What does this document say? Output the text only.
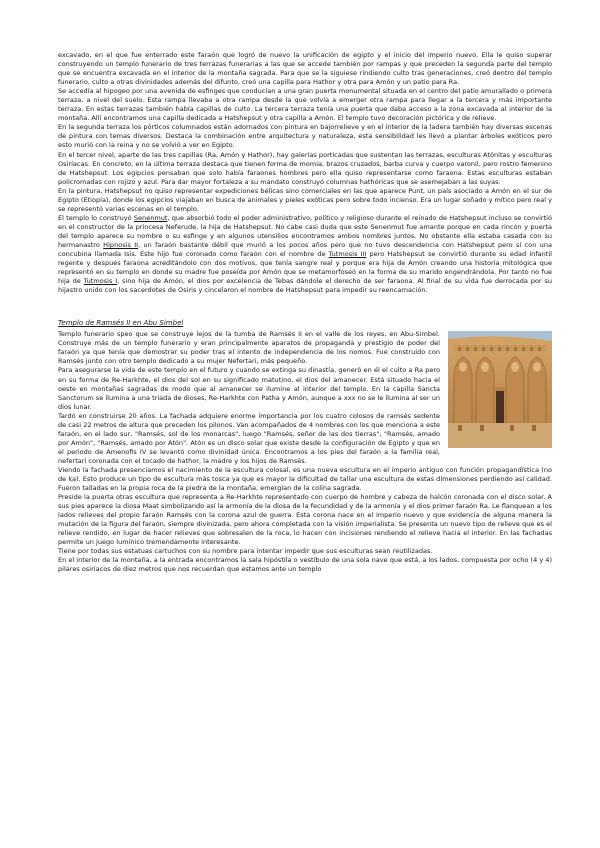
excavado, en el que fue enterrado este faraón que logró de nuevo la unificación de egipto y el inicio del imperio nuevo. Ella le quiso superar construyendo un templo funerario de tres terrazas funerarias a las que se accede también por rampas y que preceden la segunda parte del templo que se encuentra excavada en el interior de la montaña sagrada. Para que se la siguiese rindiendo culto tras generaciones, creó dentro del templo funerario, culto a otras divinidades además del difunto, creó una capilla para Hathor y otra para Amón y un patio para Ra.

Se accedía al hipogeo por una avenida de esfinges que conducían a una gran puerta monumental situada en el centro del patio amurallado o primera terraza, a nivel del suelo. Esta rampa llevaba a otra rampa desde la que volvía a emerger otra rampa para llegar a la tercera y más importante terraza. En estas terrazas también había capillas de culto. La tercera terraza tenía una puerta que daba acceso a la zona excavada al interior de la montaña. Allí encontramos una capilla dedicada a Hatshepsut y otra capilla a Amón. El templo tuvo decoración pictórica y de relieve.

En la segunda terraza los pórticos columnados están adornados con pintura en bajorrelieve y en el interior de la ladera también hay diversas escenas de pintura con temas diversos. Destaca la combinación entre arquitectura y naturaleza, esta sensibilidad les llevó a plantar árboles exóticos pero esto murió con la reina y no se volvió a ver en Egipto.

En el tercer nivel, aparte de las tres capillas (Ra, Amón y Hathor), hay galerías porticadas que sustentan las terrazas, esculturas Atónitas y esculturas Osiríacas. En concreto, en la última terraza destaca que tienen forma de momia, brazos cruzados, barba curva y cuerpo varonil, pero rostro femenino de Hatshepsut. Los egipcios pensaban que solo había faraones hombres pero ella quiso representarse como faraona. Estas esculturas estaban policromadas con rojizo y azul. Para dar mayor fortaleza a su mandato construyó columnas hathóricas que se asemejaban a las suyas.

En la pintura, Hatshepsut no quiso representar expediciones bélicas sino comerciales en las que aparece Punt, un país asociado a Amón en el sur de Egipto (Etiopía), donde los egipcios viajaban en busca de animales y pieles exóticas pero sobre todo incienso. Era un lugar soñado y mítico pero real y se representó varias escenas en el templo.

El templo lo construyó Senenmut, que absorbió todo el poder administrativo, político y religioso durante el reinado de Hatshepsut incluso se convirtió en el constructor de la princesa Neferude, la hija de Hatshepsut. No cabe casi duda que este Senenmut fue amante porque en cada rincón y puerta del templo aparece su nombre o su esfinge y en algunos utensilios encontramos ambos nombres juntos. No obstante ella estaba casada con su hermanastro Hipnosis II, un faraón bastante débil que murió a los pocos años pero que no tuvo descendencia con Hatshepsut pero sí con una concubina llamada Isis. Este hijo fue coronado como faraón con el nombre de Tutmosis III pero Hatshepsut se convirtió durante su edad infantil regente y después faraona acreditándolo con dos motivos, que tenía sangre real y porque era hija de Amón creando una historia mitológica que representó en su templo en donde su madre fue poseída por Amón que se metamorfoseó en la forma de su marido engendrándola. Por tanto no fue hija de Tutmosis I, sino hija de Amón, el dios por excelencia de Tebas dándole el derecho de ser faraona. Al final de su vida fue derrocada por su hijastro unido con los sacerdotes de Osiris y cincelaron el nombre de Hatshepsut para impedir su reencarnación.

Templo de Ramsés II en Abu Simbel

Templo funerario speo que se construye lejos de la tumba de Ramsés II en el valle de los reyes, en Abu-Simbel. Construye más de un templo funerario y eran principalmente aparatos de propaganda y prestigio de poder del faraón ya que tenía que demostrar su poder tras el intento de independencia de los nomos. Fue construido con Ramsés junto con otro templo dedicado a su mujer Nefertari, más pequeño.

Para asegurarse la vida de este templo en el futuro y cuando se extinga su dinastía, generó en él el culto a Ra pero en su forma de Re-Harkhte, el dios del sol en su significado matutino, el dios del amanecer. Está situado hacia el oeste en montañas sagradas de modo que al amanecer se ilumine al interior del templo. En la capilla Sancta Sanctorum se ilumina a una triada de dioses, Re-Harkhte con Patha y Amón, aunque a xxx no se le ilumina al ser un dios lunar.

Tardó en construirse 20 años. La fachada adquiere enorme importancia por los cuatro colosos de ramsés sedente de casi 22 metros de altura que preceden los pilonos. Van acompañados de 4 nombres con los que menciona a este faraón, en el lado sur, "Ramsés, sol de los monarcas", luego "Ramsés, señor de las dos tierras", "Ramsés, amado por Amón", "Ramsés, amado por Atón". Atón es un disco solar que existe desde la configuración de Egipto y que en el periodo de Amenofis IV se levantó como divinidad única. Encontramos a los pies del faraón a la familia real, nefertari coronada con el tocado de hathor, la madre y los hijos de Ramsés.

Viendo la fachada presenciamos el nacimiento de la escultura colosal, es una nueva escultura en el imperio antiguo con función propagandística (no de ka). Esto produce un tipo de escultura más tosca ya que es mayor la dificultad de tallar una escultura de estas dimensiones perdiendo así calidad. Fueron talladas en la propia roca de la piedra de la montaña, emergían de la colina sagrada.

Preside la puerta otras escultura que representa a Re-Harkhte representado con cuerpo de hombre y cabeza de halcón coronada con el disco solar. A sus pies aparece la diosa Maat simbolizando así la armonía de la diosa de la fecundidad y de la armonía y el dios primer faraón Ra. Le flanquean a los lados relieves del propio faraón Ramsés con la corona azul de guerra. Esta corona nace en el imperio nuevo y que evidencia de alguna manera la mutación de la figura del faraón, siempre divinizada, pero ahora completada con la visión imperialista. Se presenta un nuevo tipo de relieve que es el relieve rendido, en lugar de hacer relieves que sobresalen de la roca, lo hacen con incisiones rendiendo el relieve hacia el interior. En las fachadas permite un juego lumínico tremendamente interesante.

Tiene por todas sus estatuas cartuchos con su nombre para intentar impedir que sus esculturas sean reutilizadas.

En el interior de la montaña, a la entrada encontramos la sala hipóstila o vestíbulo de una sola nave que está, a los lados, compuesta por ocho (4 y 4) pilares osiriacos de diez metros que nos recuerdan que estamos ante un templo
